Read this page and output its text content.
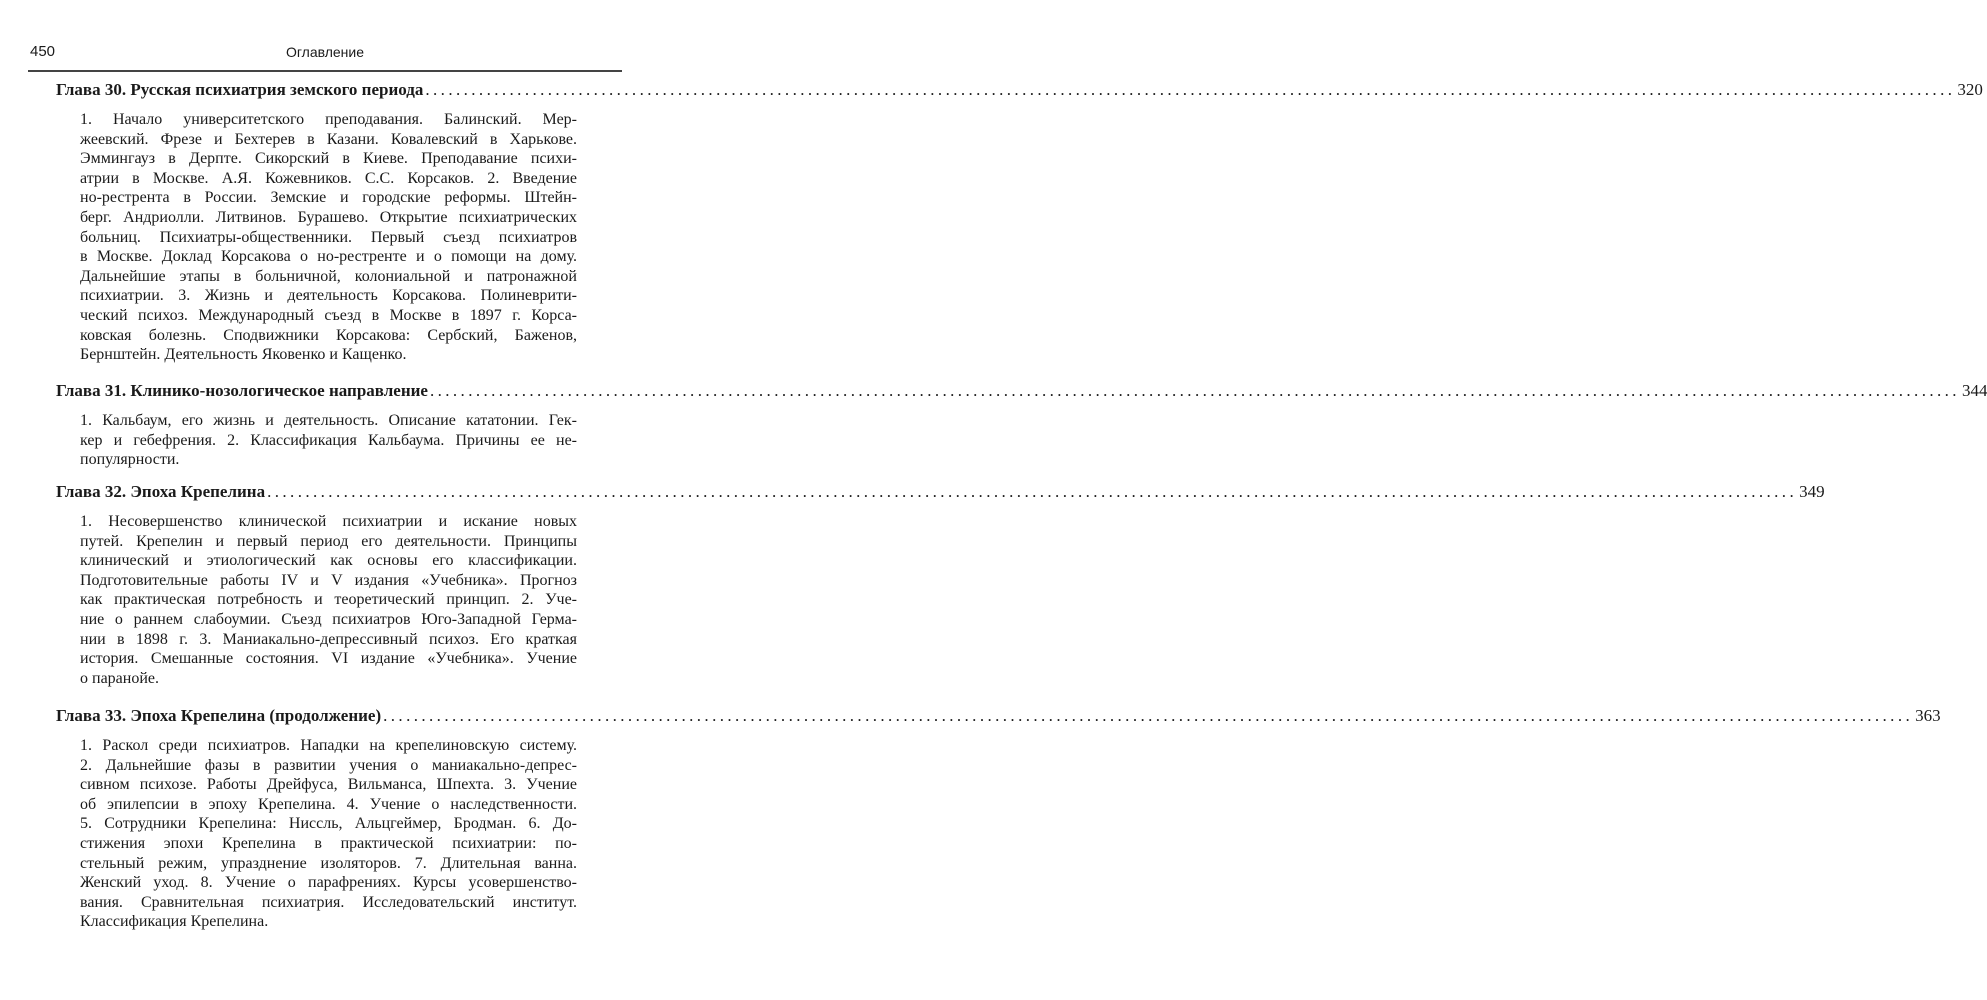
450	Оглавление
Глава 30. Русская психиатрия земского периода ........................................................................................................................................................................................................ 320
1. Начало университетского преподавания. Балинский. Мер-
жеевский. Фрезе и Бехтерев в Казани. Ковалевский в Харькове.
Эммингауз в Дерпте. Сикорский в Киеве. Преподавание психи-
атрии в Москве. А.Я. Кожевников. С.С. Корсаков. 2. Введение
но-рестрента в России. Земские и городские реформы. Штейн-
берг. Андриолли. Литвинов. Бурашево. Открытие психиатрических
больниц. Психиатры-общественники. Первый съезд психиатров
в Москве. Доклад Корсакова о но-рестренте и о помощи на дому.
Дальнейшие этапы в больничной, колониальной и патронажной
психиатрии. 3. Жизнь и деятельность Корсакова. Полиневрити-
ческий психоз. Международный съезд в Москве в 1897 г. Корса-
ковская болезнь. Сподвижники Корсакова: Сербский, Баженов,
Бернштейн. Деятельность Яковенко и Кащенко.
Глава 31. Клинико-нозологическое направление ........................................................................................................................................................................................................ 344
1. Кальбаум, его жизнь и деятельность. Описание кататонии. Гек-
кер и гебефрения. 2. Классификация Кальбаума. Причины ее не-
популярности.
Глава 32. Эпоха Крепелина ........................................................................................................................................................................................................ 349
1. Несовершенство клинической психиатрии и искание новых
путей. Крепелин и первый период его деятельности. Принципы
клинический и этиологический как основы его классификации.
Подготовительные работы IV и V издания «Учебника». Прогноз
как практическая потребность и теоретический принцип. 2. Уче-
ние о раннем слабоумии. Съезд психиатров Юго-Западной Герма-
нии в 1898 г. 3. Маниакально-депрессивный психоз. Его краткая
история. Смешанные состояния. VI издание «Учебника». Учение
о паранойе.
Глава 33. Эпоха Крепелина (продолжение) ........................................................................................................................................................................................................ 363
1. Раскол среди психиатров. Нападки на крепелиновскую систему.
2. Дальнейшие фазы в развитии учения о маниакально-депрес-
сивном психозе. Работы Дрейфуса, Вильманса, Шпехта. 3. Учение
об эпилепсии в эпоху Крепелина. 4. Учение о наследственности.
5. Сотрудники Крепелина: Ниссль, Альцгеймер, Бродман. 6. До-
стижения эпохи Крепелина в практической психиатрии: по-
стельный режим, упразднение изоляторов. 7. Длительная ванна.
Женский уход. 8. Учение о парафрениях. Курсы усовершенство-
вания. Сравнительная психиатрия. Исследовательский институт.
Классификация Крепелина.
